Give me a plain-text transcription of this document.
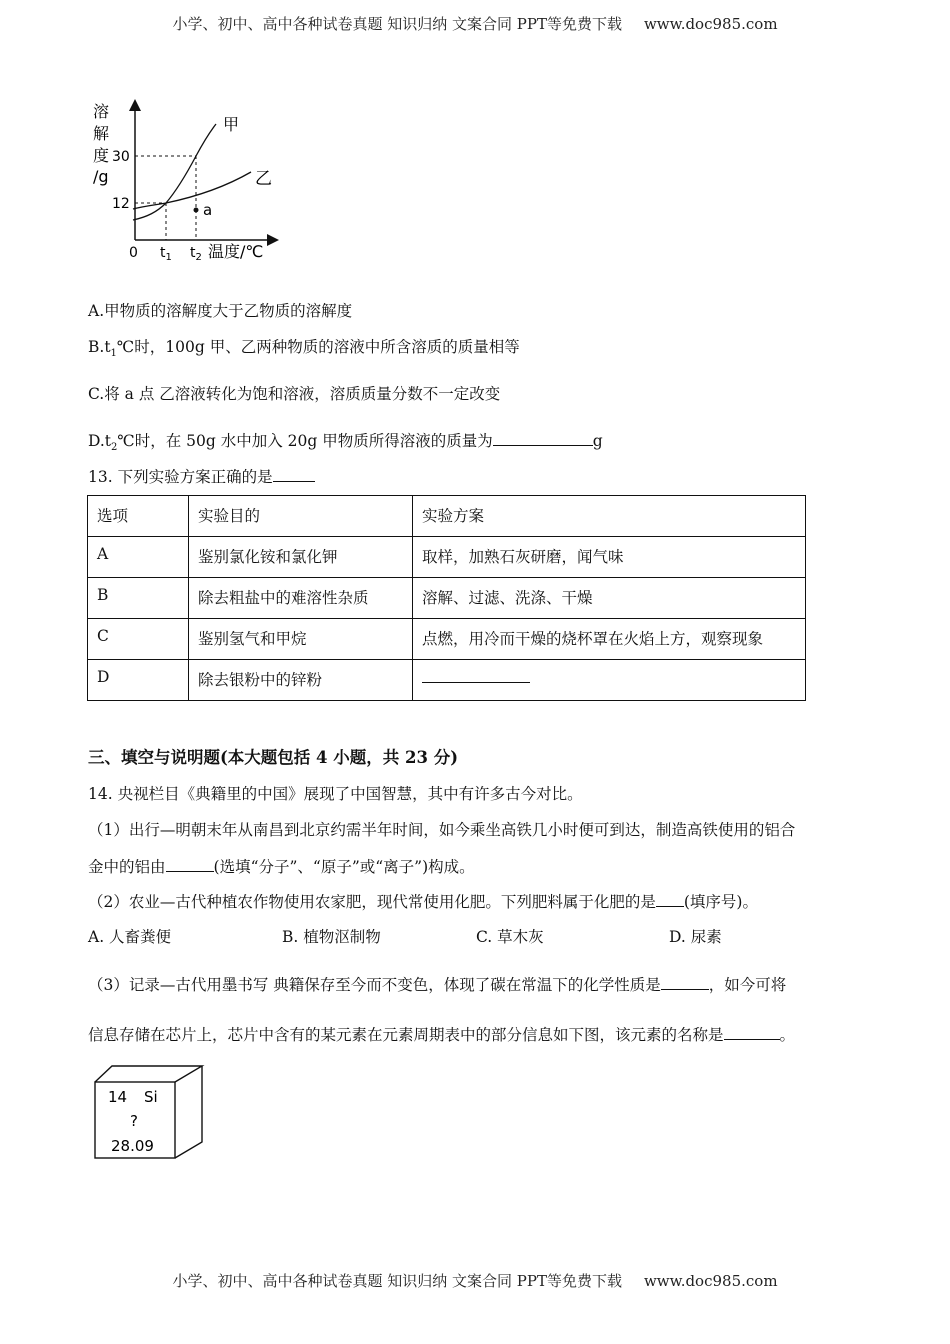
小学、初中、高中各种试卷真题 知识归纳 文案合同 PPT等免费下载 www.doc985.com
溶
解
度
/g
a
甲
乙
30
12
0 $t_1$ $t_2$ 温度/℃
A.甲物质的溶解度大于乙物质的溶解度
$B.t_1℃$时，100g 甲、乙两种物质的溶液中所含溶质的质量相等
C.将 a 点 乙溶液转化为饱和溶液，溶质质量分数不一定改变
$D.t_2℃$时，在 50g 水中加入 20g 甲物质所得溶液的质量为	g
13. 下列实验方案正确的是
选项	实验目的	实验方案
A	鉴别氯化铵和氯化钾	取样，加熟石灰研磨，闻气味
B	除去粗盐中的难溶性杂质	溶解、过滤、洗涤、干燥
C	鉴别氢气和甲烷	点燃，用冷而干燥的烧杯罩在火焰上方，观察现象
D	除去银粉中的锌粉	
三、填空与说明题(本大题包括 4 小题，共 23 分)
14. 央视栏目《典籍里的中国》展现了中国智慧，其中有许多古今对比。
（1）出行—明朝末年从南昌到北京约需半年时间，如今乘坐高铁几小时便可到达，制造高铁使用的铝合
金中的铝由	(选填“分子”、“原子”或“离子”)构成。
（2）农业—古代种植农作物使用农家肥，现代常使用化肥。下列肥料属于化肥的是 (填序号)。
A. 人畜粪便	B. 植物沤制物	C. 草木灰	D. 尿素
（3）记录—古代用墨书写 典籍保存至今而不变色，体现了碳在常温下的化学性质是	，如今可将
信息存储在芯片上，芯片中含有的某元素在元素周期表中的部分信息如下图，该元素的名称是	。
14 Si
?
28.09
小学、初中、高中各种试卷真题 知识归纳 文案合同 PPT等免费下载 www.doc985.com
